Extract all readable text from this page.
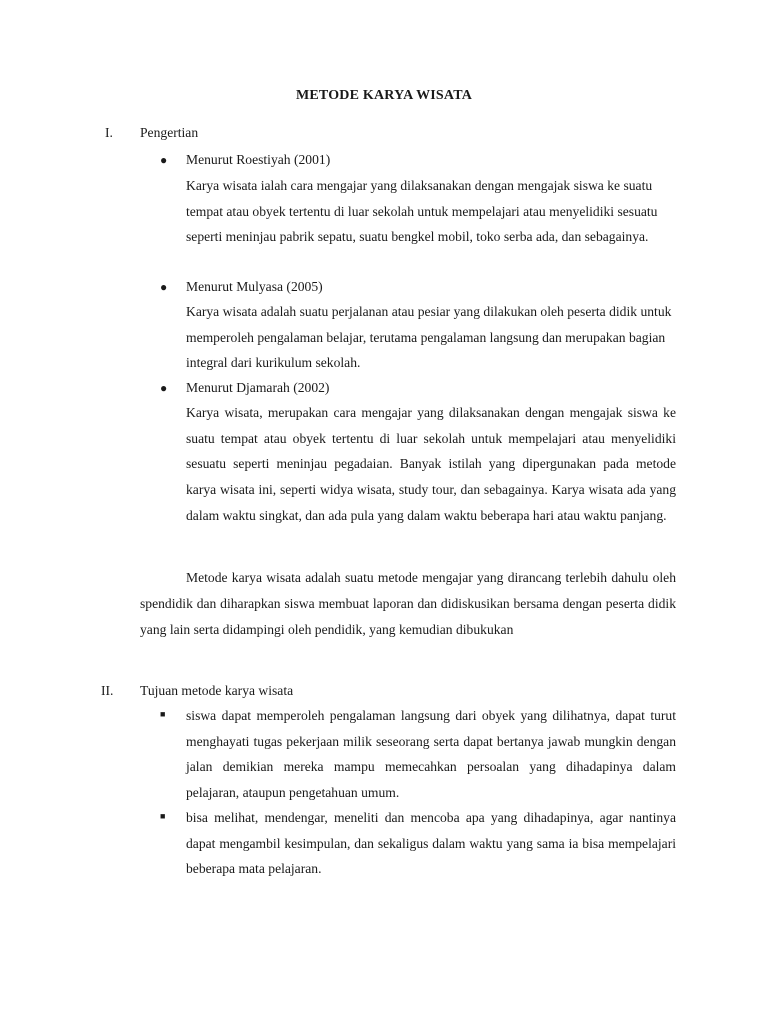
METODE KARYA WISATA
I. Pengertian
● Menurut Roestiyah (2001)

Karya wisata ialah cara mengajar yang dilaksanakan dengan mengajak siswa ke suatu tempat atau obyek tertentu di luar sekolah untuk mempelajari atau menyelidiki sesuatu seperti meninjau pabrik sepatu, suatu bengkel mobil, toko serba ada, dan sebagainya.

● Menurut Mulyasa (2005)

Karya wisata adalah suatu perjalanan atau pesiar yang dilakukan oleh peserta didik untuk memperoleh pengalaman belajar, terutama pengalaman langsung dan merupakan bagian integral dari kurikulum sekolah.

● Menurut Djamarah (2002)

Karya wisata, merupakan cara mengajar yang dilaksanakan dengan mengajak siswa ke suatu tempat atau obyek tertentu di luar sekolah untuk mempelajari atau menyelidiki sesuatu seperti meninjau pegadaian. Banyak istilah yang dipergunakan pada metode karya wisata ini, seperti widya wisata, study tour, dan sebagainya. Karya wisata ada yang dalam waktu singkat, dan ada pula yang dalam waktu beberapa hari atau waktu panjang.

Metode karya wisata adalah suatu metode mengajar yang dirancang terlebih dahulu oleh spendidik dan diharapkan siswa membuat laporan dan didiskusikan bersama dengan peserta didik yang lain serta didampingi oleh pendidik, yang kemudian dibukukan

II. Tujuan metode karya wisata
■ siswa dapat memperoleh pengalaman langsung dari obyek yang dilihatnya, dapat turut menghayati tugas pekerjaan milik seseorang serta dapat bertanya jawab mungkin dengan jalan demikian mereka mampu memecahkan persoalan yang dihadapinya dalam pelajaran, ataupun pengetahuan umum.

■ bisa melihat, mendengar, meneliti dan mencoba apa yang dihadapinya, agar nantinya dapat mengambil kesimpulan, dan sekaligus dalam waktu yang sama ia bisa mempelajari beberapa mata pelajaran.
